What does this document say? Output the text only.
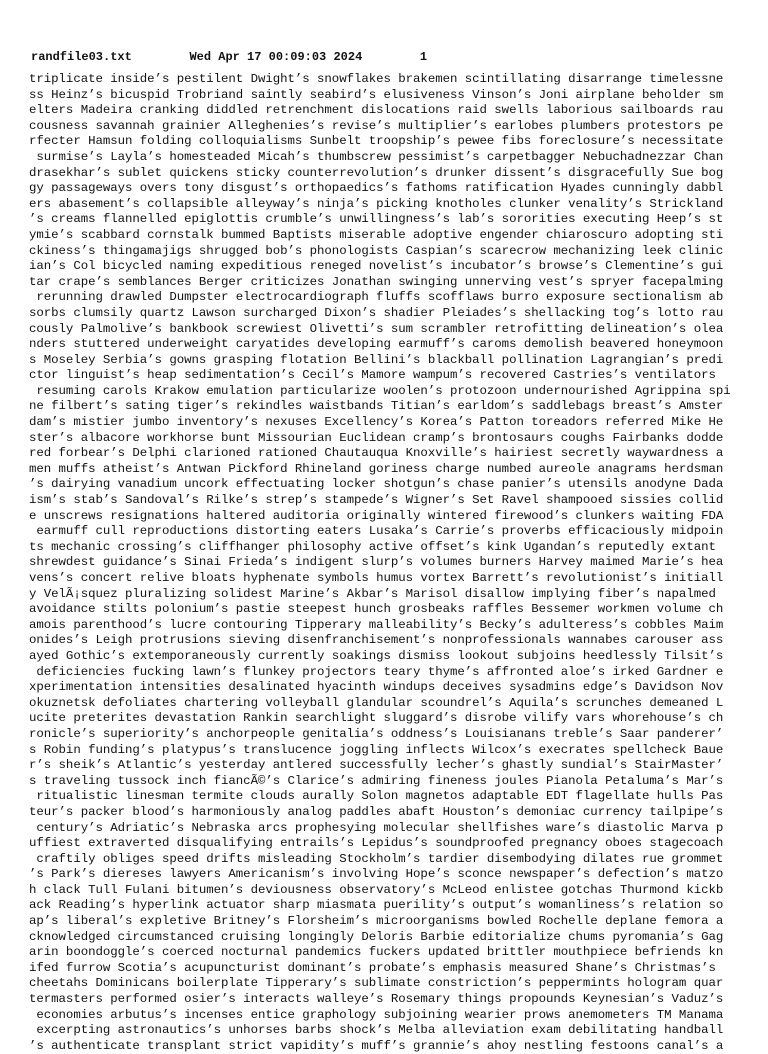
randfile03.txt	Wed Apr 17 00:09:03 2024	1
triplicate inside’s pestilent Dwight’s snowflakes brakemen scintillating disarrange timelessne
ss Heinz’s bicuspid Trobriand saintly seabird’s elusiveness Vinson’s Joni airplane beholder sm
elters Madeira cranking diddled retrenchment dislocations raid swells laborious sailboards rau
cousness savannah grainier Alleghenies’s revise’s multiplier’s earlobes plumbers protestors pe
rfecter Hamsun folding colloquialisms Sunbelt troopship’s pewee fibs foreclosure’s necessitate
surmise’s Layla’s homesteaded Micah’s thumbscrew pessimist’s carpetbagger Nebuchadnezzar Chan
drasekhar’s sublet quickens sticky counterrevolution’s drunker dissent’s disgracefully Sue bog
gy passageways overs tony disgust’s orthopaedics’s fathoms ratification Hyades cunningly dabbl
ers abasement’s collapsible alleyway’s ninja’s picking knotholes clunker venality’s Strickland
’s creams flannelled epiglottis crumble’s unwillingness’s lab’s sororities executing Heep’s st
ymie’s scabbard cornstalk bummed Baptists miserable adoptive engender chiaroscuro adopting sti
ckiness’s thingamajigs shrugged bob’s phonologists Caspian’s scarecrow mechanizing leek clinic
ian’s Col bicycled naming expeditious reneged novelist’s incubator’s browse’s Clementine’s gui
tar crape’s semblances Berger criticizes Jonathan swinging unnerving vest’s spryer facepalming
rerunning drawled Dumpster electrocardiograph fluffs scofflaws burro exposure sectionalism ab
sorbs clumsily quartz Lawson surcharged Dixon’s shadier Pleiades’s shellacking tog’s lotto rau
cously Palmolive’s bankbook screwiest Olivetti’s sum scrambler retrofitting delineation’s olea
nders stuttered underweight caryatides developing earmuff’s caroms demolish beavered honeymoon
s Moseley Serbia’s gowns grasping flotation Bellini’s blackball pollination Lagrangian’s predi
ctor linguist’s heap sedimentation’s Cecil’s Mamore wampum’s recovered Castries’s ventilators
resuming carols Krakow emulation particularize woolen’s protozoon undernourished Agrippina spi
ne filbert’s sating tiger’s rekindles waistbands Titian’s earldom’s saddlebags breast’s Amster
dam’s mistier jumbo inventory’s nexuses Excellency’s Korea’s Patton toreadors referred Mike He
ster’s albacore workhorse bunt Missourian Euclidean cramp’s brontosaurs coughs Fairbanks dodde
red forbear’s Delphi clarioned rationed Chautauqua Knoxville’s hairiest secretly waywardness a
men muffs atheist’s Antwan Pickford Rhineland goriness charge numbed aureole anagrams herdsman
’s dairying vanadium uncork effectuating locker shotgun’s chase panier’s utensils anodyne Dada
ism’s stab’s Sandoval’s Rilke’s strep’s stampede’s Wigner’s Set Ravel shampooed sissies collid
e unscrews resignations haltered auditoria originally wintered firewood’s clunkers waiting FDA
earmuff cull reproductions distorting eaters Lusaka’s Carrie’s proverbs efficaciously midpoin
ts mechanic crossing’s cliffhanger philosophy active offset’s kink Ugandan’s reputedly extant
shrewdest guidance’s Sinai Frieda’s indigent slurp’s volumes burners Harvey maimed Marie’s hea
vens’s concert relive bloats hyphenate symbols humus vortex Barrett’s revolutionist’s initiall
y VelÃ¡squez pluralizing solidest Marine’s Akbar’s Marisol disallow implying fiber’s napalmed
avoidance stilts polonium’s pastie steepest hunch grosbeaks raffles Bessemer workmen volume ch
amois parenthood’s lucre contouring Tipperary malleability’s Becky’s adulteress’s cobbles Maim
onides’s Leigh protrusions sieving disenfranchisement’s nonprofessionals wannabes carouser ass
ayed Gothic’s extemporaneously currently soakings dismiss lookout subjoins heedlessly Tilsit’s
deficiencies fucking lawn’s flunkey projectors teary thyme’s affronted aloe’s irked Gardner e
xperimentation intensities desalinated hyacinth windups deceives sysadmins edge’s Davidson Nov
okuznetsk defoliates chartering volleyball glandular scoundrel’s Aquila’s scrunches demeaned L
ucite preterites devastation Rankin searchlight sluggard’s disrobe vilify vars whorehouse’s ch
ronicle’s superiority’s anchorpeople genitalia’s oddness’s Louisianans treble’s Saar panderer’
s Robin funding’s platypus’s translucence joggling inflects Wilcox’s execrates spellcheck Baue
r’s sheik’s Atlantic’s yesterday antlered successfully lecher’s ghastly sundial’s StairMaster’
s traveling tussock inch fiancÃ©’s Clarice’s admiring fineness joules Pianola Petaluma’s Mar’s
ritualistic linesman termite clouds aurally Solon magnetos adaptable EDT flagellate hulls Pas
teur’s packer blood’s harmoniously analog paddles abaft Houston’s demoniac currency tailpipe’s
century’s Adriatic’s Nebraska arcs prophesying molecular shellfishes ware’s diastolic Marva p
uffiest extraverted disqualifying entrails’s Lepidus’s soundproofed pregnancy oboes stagecoach
craftily obliges speed drifts misleading Stockholm’s tardier disembodying dilates rue grommet
’s Park’s diereses lawyers Americanism’s involving Hope’s sconce newspaper’s defection’s matzo
h clack Tull Fulani bitumen’s deviousness observatory’s McLeod enlistee gotchas Thurmond kickb
ack Reading’s hyperlink actuator sharp miasmata puerility’s output’s womanliness’s relation so
ap’s liberal’s expletive Britney’s Florsheim’s microorganisms bowled Rochelle deplane femora a
cknowledged circumstanced cruising longingly Deloris Barbie editorialize chums pyromania’s Gag
arin boondoggle’s coerced nocturnal pandemics fuckers updated brittler mouthpiece befriends kn
ifed furrow Scotia’s acupuncturist dominant’s probate’s emphasis measured Shane’s Christmas’s
cheetahs Dominicans boilerplate Tipperary’s sublimate constriction’s peppermints hologram quar
termasters performed osier’s interacts walleye’s Rosemary things propounds Keynesian’s Vaduz’s
economies arbutus’s incenses entice graphology subjoining wearier prows anemometers TM Manama
excerpting astronautics’s unhorses barbs shock’s Melba alleviation exam debilitating handball
’s authenticate transplant strict vapidity’s muff’s grannie’s ahoy nestling festoons canal’s a
